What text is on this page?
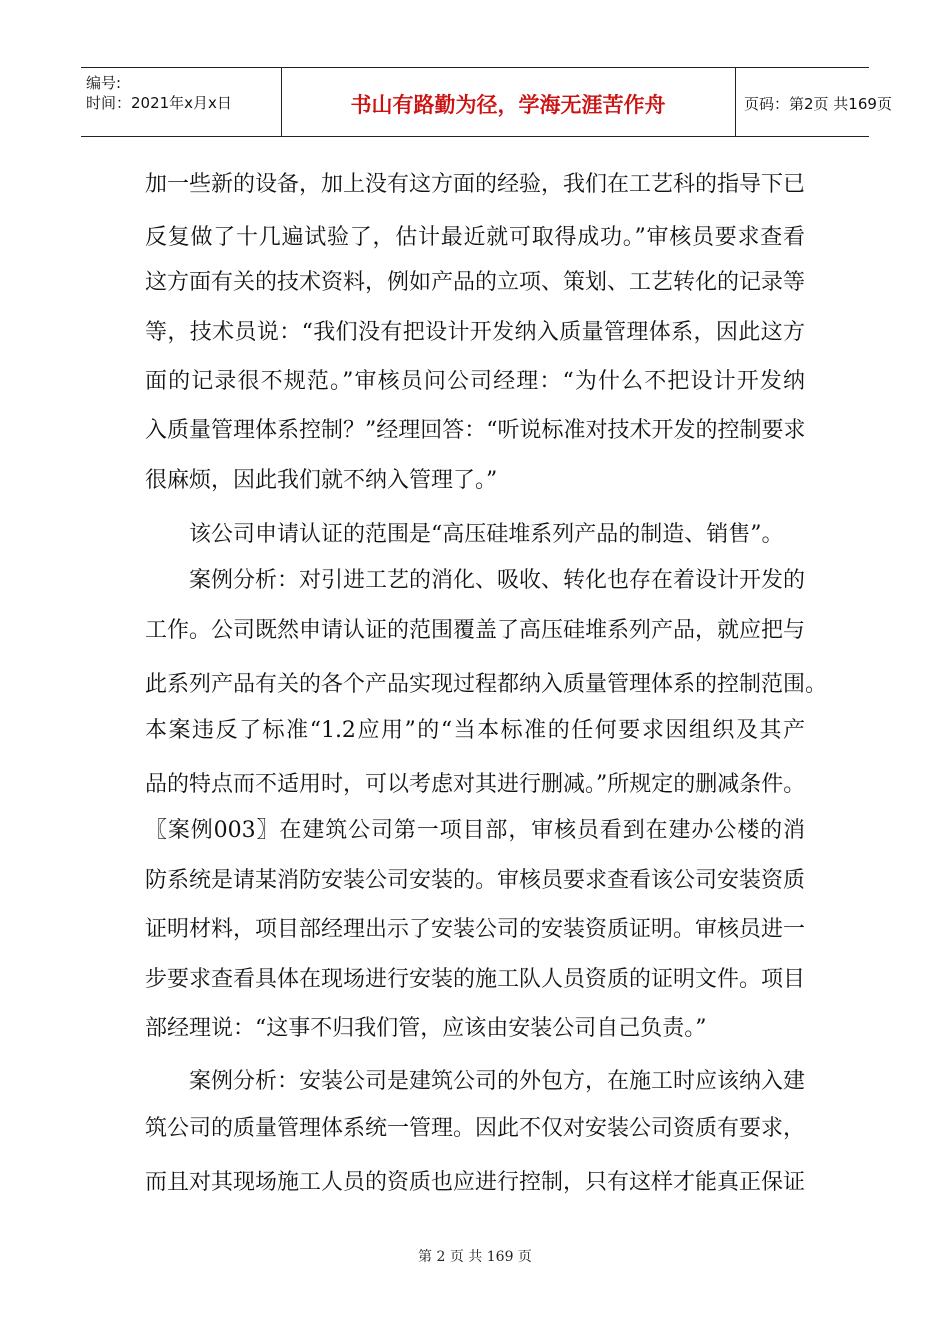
编号:
时间：2021年x月x日	书山有路勤为径，学海无涯苦作舟	页码：第2页 共169页
加一些新的设备，加上没有这方面的经验，我们在工艺科的指导下已
反复做了十几遍试验了，估计最近就可取得成功。”审核员要求查看
这方面有关的技术资料，例如产品的立项、策划、工艺转化的记录等
等，技术员说：“我们没有把设计开发纳入质量管理体系，因此这方
面的记录很不规范。”审核员问公司经理：“为什么不把设计开发纳
入质量管理体系控制？”经理回答：“听说标准对技术开发的控制要求
很麻烦，因此我们就不纳入管理了。”
　　该公司申请认证的范围是“高压硅堆系列产品的制造、销售”。
　　案例分析：对引进工艺的消化、吸收、转化也存在着设计开发的
工作。公司既然申请认证的范围覆盖了高压硅堆系列产品，就应把与
此系列产品有关的各个产品实现过程都纳入质量管理体系的控制范围。
本案违反了标准“1.2应用”的“当本标准的任何要求因组织及其产
品的特点而不适用时，可以考虑对其进行删减。”所规定的删减条件。
〖案例003〗在建筑公司第一项目部，审核员看到在建办公楼的消
防系统是请某消防安装公司安装的。审核员要求查看该公司安装资质
证明材料，项目部经理出示了安装公司的安装资质证明。审核员进一
步要求查看具体在现场进行安装的施工队人员资质的证明文件。项目
部经理说：“这事不归我们管，应该由安装公司自己负责。”
　　案例分析：安装公司是建筑公司的外包方，在施工时应该纳入建
筑公司的质量管理体系统一管理。因此不仅对安装公司资质有要求，
而且对其现场施工人员的资质也应进行控制，只有这样才能真正保证
第 2 页 共 169 页
